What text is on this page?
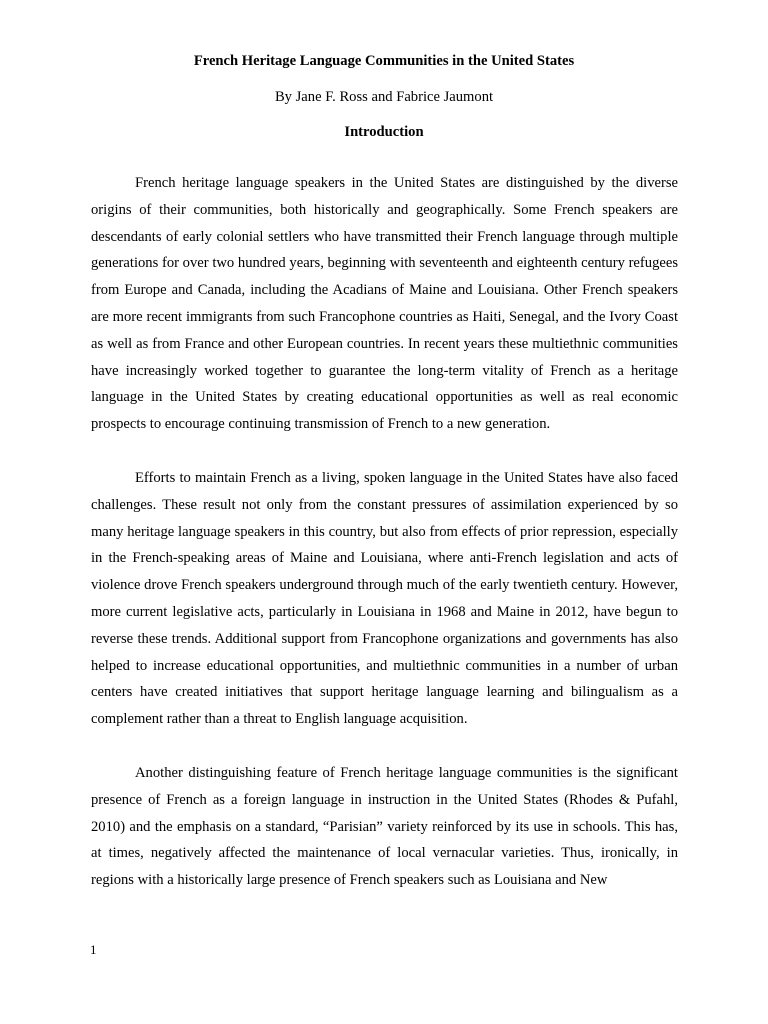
French Heritage Language Communities in the United States
By Jane F. Ross and Fabrice Jaumont
Introduction

French heritage language speakers in the United States are distinguished by the diverse origins of their communities, both historically and geographically. Some French speakers are descendants of early colonial settlers who have transmitted their French language through multiple generations for over two hundred years, beginning with seventeenth and eighteenth century refugees from Europe and Canada, including the Acadians of Maine and Louisiana. Other French speakers are more recent immigrants from such Francophone countries as Haiti, Senegal, and the Ivory Coast as well as from France and other European countries. In recent years these multiethnic communities have increasingly worked together to guarantee the long-term vitality of French as a heritage language in the United States by creating educational opportunities as well as real economic prospects to encourage continuing transmission of French to a new generation.

Efforts to maintain French as a living, spoken language in the United States have also faced challenges. These result not only from the constant pressures of assimilation experienced by so many heritage language speakers in this country, but also from effects of prior repression, especially in the French-speaking areas of Maine and Louisiana, where anti-French legislation and acts of violence drove French speakers underground through much of the early twentieth century. However, more current legislative acts, particularly in Louisiana in 1968 and Maine in 2012, have begun to reverse these trends. Additional support from Francophone organizations and governments has also helped to increase educational opportunities, and multiethnic communities in a number of urban centers have created initiatives that support heritage language learning and bilingualism as a complement rather than a threat to English language acquisition.

Another distinguishing feature of French heritage language communities is the significant presence of French as a foreign language in instruction in the United States (Rhodes & Pufahl, 2010) and the emphasis on a standard, “Parisian” variety reinforced by its use in schools. This has, at times, negatively affected the maintenance of local vernacular varieties. Thus, ironically, in regions with a historically large presence of French speakers such as Louisiana and New

1
